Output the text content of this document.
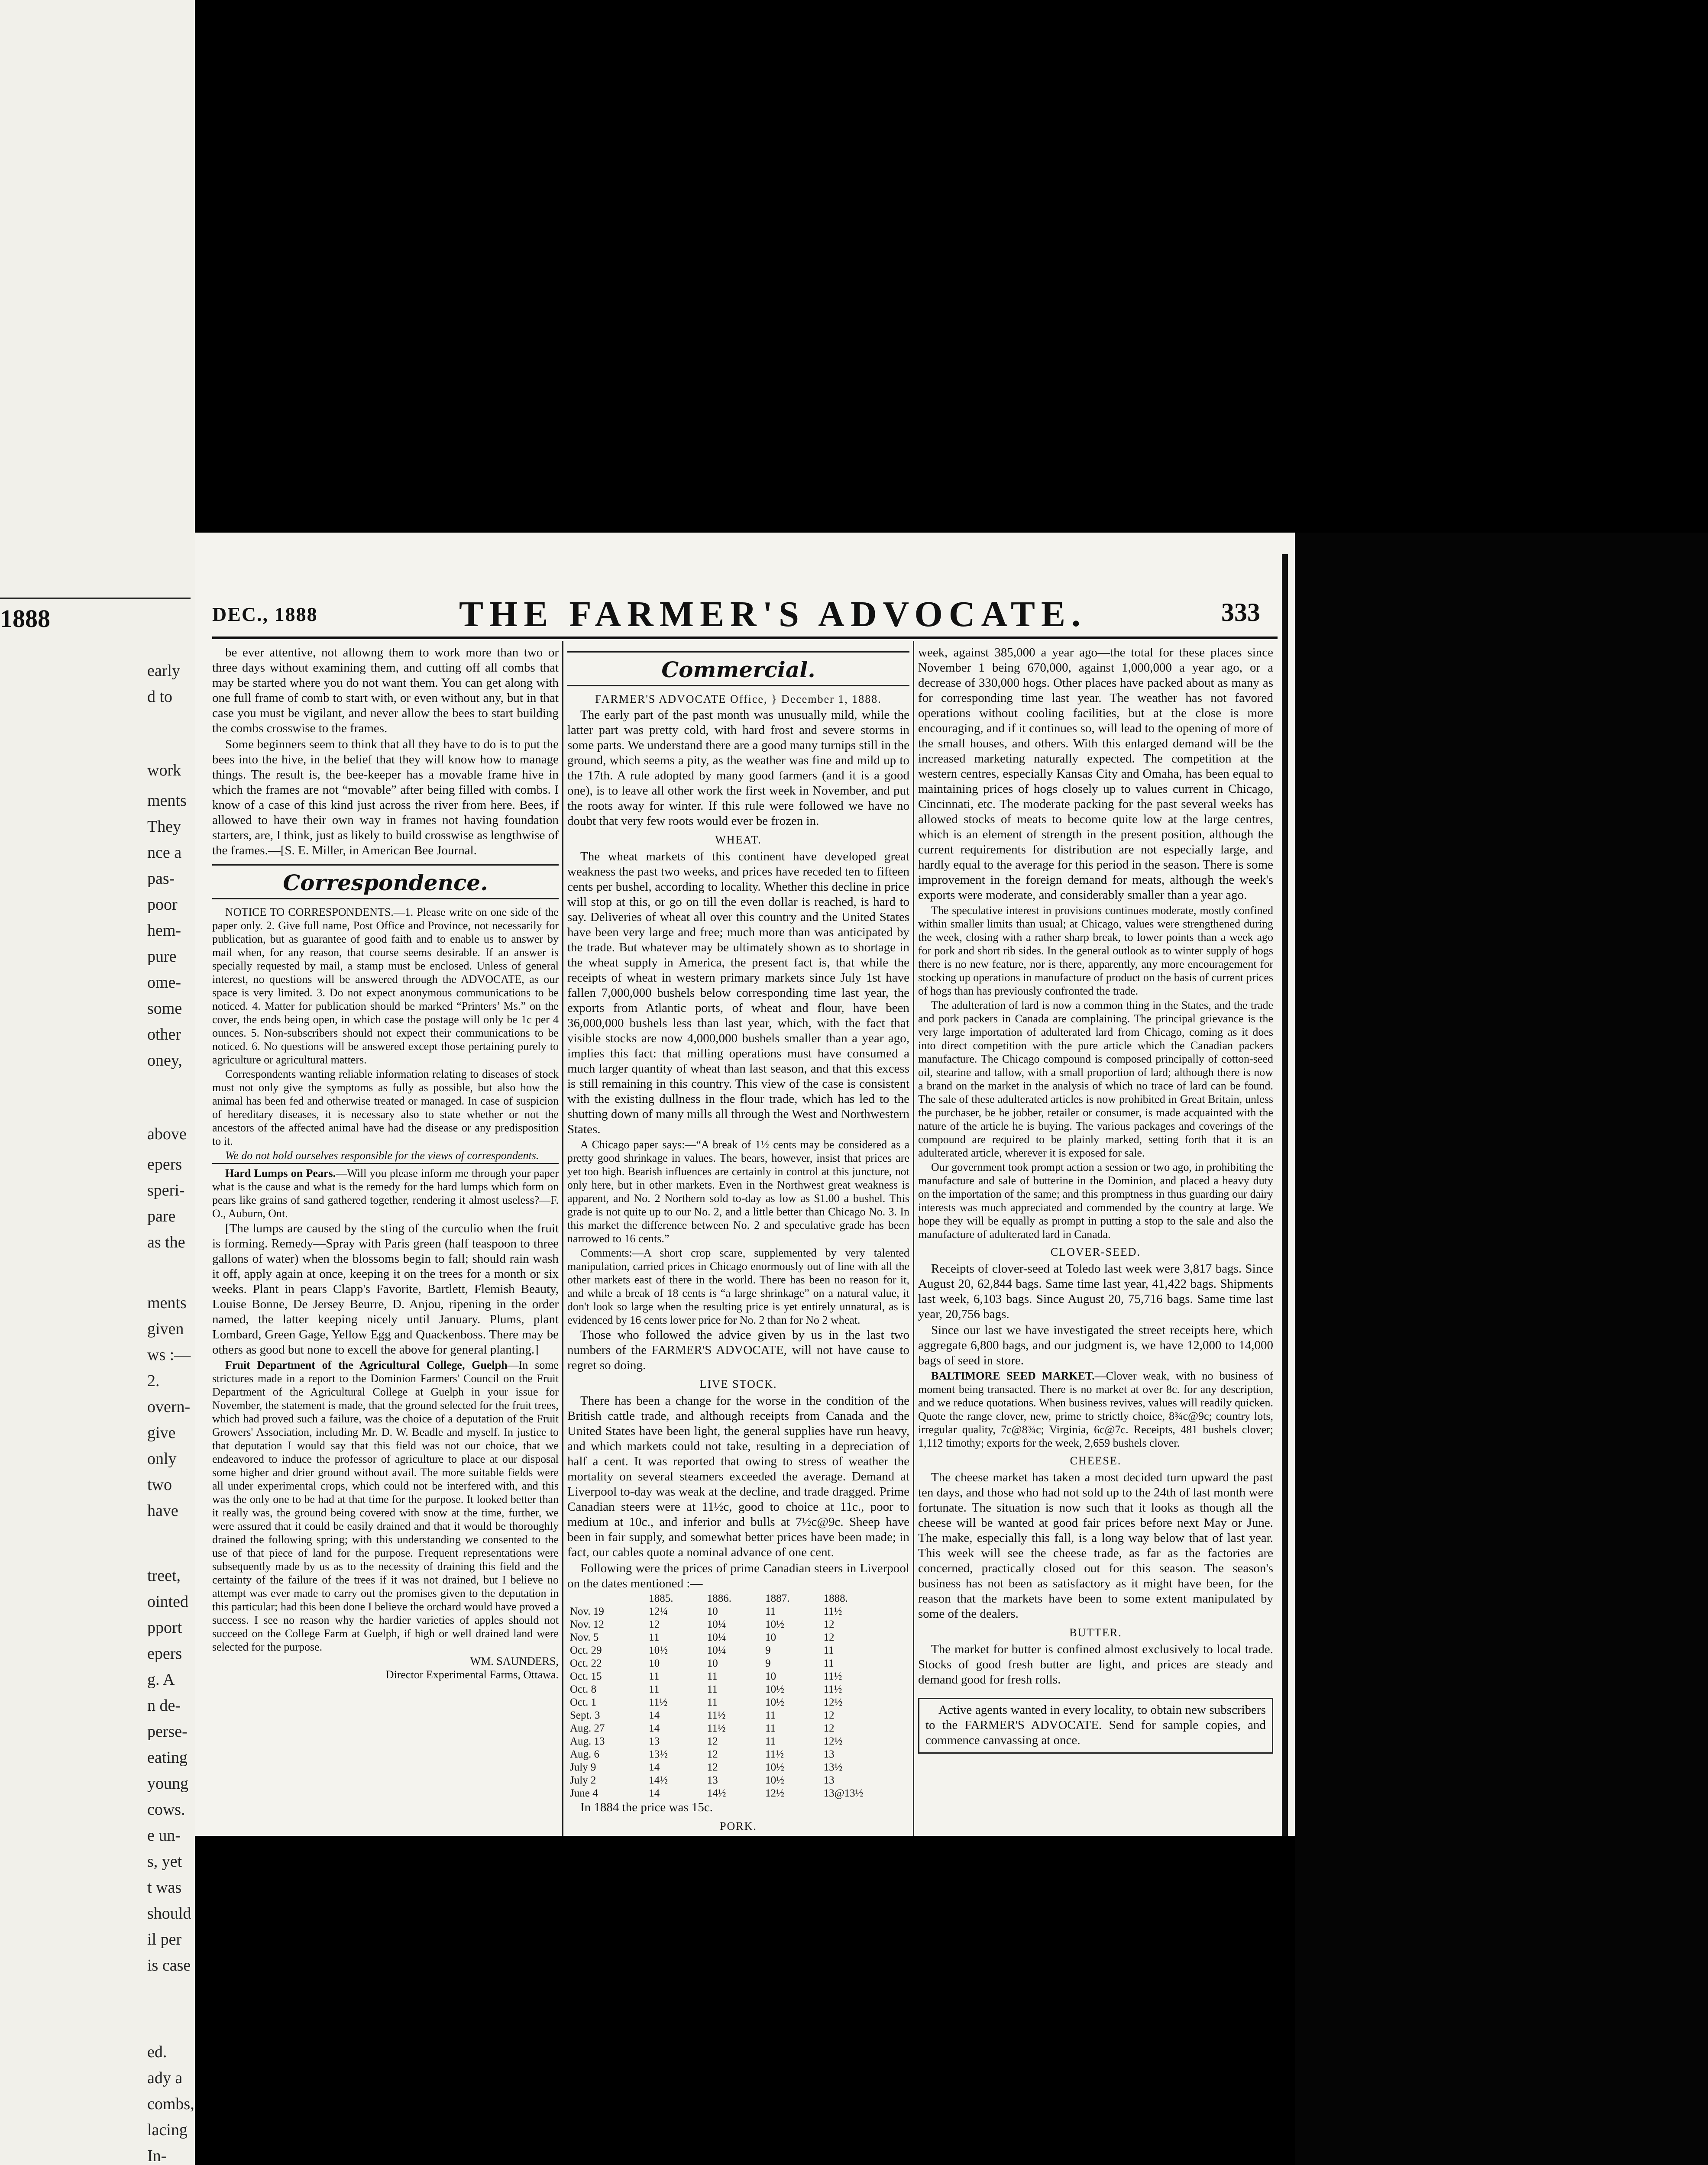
1888
early
d to
work
ments
They
nce a
pas-
poor
hem-
pure
ome-
some
other
oney,
above
epers
speri-
pare
as the
ments
given
ws :—
2.
overn-
give
only
two
have
treet,
ointed
pport
epers
g. A
n de-
perse-
eating
young
cows.
e un-
s, yet
t was
should
il per
is case
ed.
ady a
combs,
lacing
In-
DEC., 1888	THE FARMER'S ADVOCATE.	333

be ever attentive, not allowng them to work more than two or three days without examining them, and cutting off all combs that may be started where you do not want them. You can get along with one full frame of comb to start with, or even without any, but in that case you must be vigilant, and never allow the bees to start building the combs crosswise to the frames.

Some beginners seem to think that all they have to do is to put the bees into the hive, in the belief that they will know how to manage things. The result is, the bee-keeper has a movable frame hive in which the frames are not “movable” after being filled with combs. I know of a case of this kind just across the river from here. Bees, if allowed to have their own way in frames not having foundation starters, are, I think, just as likely to build crosswise as lengthwise of the frames.—[S. E. Miller, in American Bee Journal.

Correspondence.

NOTICE TO CORRESPONDENTS.—1. Please write on one side of the paper only. 2. Give full name, Post Office and Province, not necessarily for publication, but as guarantee of good faith and to enable us to answer by mail when, for any reason, that course seems desirable. If an answer is specially requested by mail, a stamp must be enclosed. Unless of general interest, no questions will be answered through the ADVOCATE, as our space is very limited. 3. Do not expect anonymous communications to be noticed. 4. Matter for publication should be marked “Printers’ Ms.” on the cover, the ends being open, in which case the postage will only be 1c per 4 ounces. 5. Non-subscribers should not expect their communications to be noticed. 6. No questions will be answered except those pertaining purely to agriculture or agricultural matters.

Correspondents wanting reliable information relating to diseases of stock must not only give the symptoms as fully as possible, but also how the animal has been fed and otherwise treated or managed. In case of suspicion of hereditary diseases, it is necessary also to state whether or not the ancestors of the affected animal have had the disease or any predisposition to it.

We do not hold ourselves responsible for the views of correspondents.

Hard Lumps on Pears.—Will you please inform me through your paper what is the cause and what is the remedy for the hard lumps which form on pears like grains of sand gathered together, rendering it almost useless?—F. O., Auburn, Ont.

[The lumps are caused by the sting of the curculio when the fruit is forming. Remedy—Spray with Paris green (half teaspoon to three gallons of water) when the blossoms begin to fall; should rain wash it off, apply again at once, keeping it on the trees for a month or six weeks. Plant in pears Clapp's Favorite, Bartlett, Flemish Beauty, Louise Bonne, De Jersey Beurre, D. Anjou, ripening in the order named, the latter keeping nicely until January. Plums, plant Lombard, Green Gage, Yellow Egg and Quackenboss. There may be others as good but none to excell the above for general planting.]

Fruit Department of the Agricultural College, Guelph—In some strictures made in a report to the Dominion Farmers' Council on the Fruit Department of the Agricultural College at Guelph in your issue for November, the statement is made, that the ground selected for the fruit trees, which had proved such a failure, was the choice of a deputation of the Fruit Growers' Association, including Mr. D. W. Beadle and myself. In justice to that deputation I would say that this field was not our choice, that we endeavored to induce the professor of agriculture to place at our disposal some higher and drier ground without avail. The more suitable fields were all under experimental crops, which could not be interfered with, and this was the only one to be had at that time for the purpose. It looked better than it really was, the ground being covered with snow at the time, further, we were assured that it could be easily drained and that it would be thoroughly drained the following spring; with this understanding we consented to the use of that piece of land for the purpose. Frequent representations were subsequently made by us as to the necessity of draining this field and the certainty of the failure of the trees if it was not drained, but I believe no attempt was ever made to carry out the promises given to the deputation in this particular; had this been done I believe the orchard would have proved a success. I see no reason why the hardier varieties of apples should not succeed on the College Farm at Guelph, if high or well drained land were selected for the purpose.

WM. SAUNDERS,
Director Experimental Farms, Ottawa.
Commercial.
FARMER'S ADVOCATE Office, } December 1, 1888.

The early part of the past month was unusually mild, while the latter part was pretty cold, with hard frost and severe storms in some parts. We understand there are a good many turnips still in the ground, which seems a pity, as the weather was fine and mild up to the 17th. A rule adopted by many good farmers (and it is a good one), is to leave all other work the first week in November, and put the roots away for winter. If this rule were followed we have no doubt that very few roots would ever be frozen in.

WHEAT.

The wheat markets of this continent have developed great weakness the past two weeks, and prices have receded ten to fifteen cents per bushel, according to locality. Whether this decline in price will stop at this, or go on till the even dollar is reached, is hard to say. Deliveries of wheat all over this country and the United States have been very large and free; much more than was anticipated by the trade. But whatever may be ultimately shown as to shortage in the wheat supply in America, the present fact is, that while the receipts of wheat in western primary markets since July 1st have fallen 7,000,000 bushels below corresponding time last year, the exports from Atlantic ports, of wheat and flour, have been 36,000,000 bushels less than last year, which, with the fact that visible stocks are now 4,000,000 bushels smaller than a year ago, implies this fact: that milling operations must have consumed a much larger quantity of wheat than last season, and that this excess is still remaining in this country. This view of the case is consistent with the existing dullness in the flour trade, which has led to the shutting down of many mills all through the West and Northwestern States.

A Chicago paper says:—“A break of 1½ cents may be considered as a pretty good shrinkage in values. The bears, however, insist that prices are yet too high. Bearish influences are certainly in control at this juncture, not only here, but in other markets. Even in the Northwest great weakness is apparent, and No. 2 Northern sold to-day as low as $1.00 a bushel. This grade is not quite up to our No. 2, and a little better than Chicago No. 3. In this market the difference between No. 2 and speculative grade has been narrowed to 16 cents.”

Comments:—A short crop scare, supplemented by very talented manipulation, carried prices in Chicago enormously out of line with all the other markets east of there in the world. There has been no reason for it, and while a break of 18 cents is “a large shrinkage” on a natural value, it don't look so large when the resulting price is yet entirely unnatural, as is evidenced by 16 cents lower price for No. 2 than for No 2 wheat.

Those who followed the advice given by us in the last two numbers of the FARMER'S ADVOCATE, will not have cause to regret so doing.

LIVE STOCK.

There has been a change for the worse in the condition of the British cattle trade, and although receipts from Canada and the United States have been light, the general supplies have run heavy, and which markets could not take, resulting in a depreciation of half a cent. It was reported that owing to stress of weather the mortality on several steamers exceeded the average. Demand at Liverpool to-day was weak at the decline, and trade dragged. Prime Canadian steers were at 11½c, good to choice at 11c., poor to medium at 10c., and inferior and bulls at 7½c@9c. Sheep have been in fair supply, and somewhat better prices have been made; in fact, our cables quote a nominal advance of one cent.

Following were the prices of prime Canadian steers in Liverpool on the dates mentioned :—

	1885.	1886.	1887.	1888.
Nov. 19	12¼	10	11	11½
Nov. 12	12	10¼	10½	12
Nov. 5	11	10¼	10	12
Oct. 29	10½	10¼	9	11
Oct. 22	10	10	9	11
Oct. 15	11	11	10	11½
Oct. 8	11	11	10½	11½
Oct. 1	11½	11	10½	12½
Sept. 3	14	11½	11	12
Aug. 27	14	11½	11	12
Aug. 13	13	12	11	12½
Aug. 6	13½	12	11½	13
July 9	14	12	10½	13½
July 2	14½	13	10½	13
June 4	14	14½	12½	13@13½

In 1884 the price was 15c.

PORK.

week, against 385,000 a year ago—the total for these places since November 1 being 670,000, against 1,000,000 a year ago, or a decrease of 330,000 hogs. Other places have packed about as many as for corresponding time last year. The weather has not favored operations without cooling facilities, but at the close is more encouraging, and if it continues so, will lead to the opening of more of the small houses, and others. With this enlarged demand will be the increased marketing naturally expected. The competition at the western centres, especially Kansas City and Omaha, has been equal to maintaining prices of hogs closely up to values current in Chicago, Cincinnati, etc. The moderate packing for the past several weeks has allowed stocks of meats to become quite low at the large centres, which is an element of strength in the present position, although the current requirements for distribution are not especially large, and hardly equal to the average for this period in the season. There is some improvement in the foreign demand for meats, although the week's exports were moderate, and considerably smaller than a year ago.

The speculative interest in provisions continues moderate, mostly confined within smaller limits than usual; at Chicago, values were strengthened during the week, closing with a rather sharp break, to lower points than a week ago for pork and short rib sides. In the general outlook as to winter supply of hogs there is no new feature, nor is there, apparently, any more encouragement for stocking up operations in manufacture of product on the basis of current prices of hogs than has previously confronted the trade.

The adulteration of lard is now a common thing in the States, and the trade and pork packers in Canada are complaining. The principal grievance is the very large importation of adulterated lard from Chicago, coming as it does into direct competition with the pure article which the Canadian packers manufacture. The Chicago compound is composed principally of cotton-seed oil, stearine and tallow, with a small proportion of lard; although there is now a brand on the market in the analysis of which no trace of lard can be found. The sale of these adulterated articles is now prohibited in Great Britain, unless the purchaser, be he jobber, retailer or consumer, is made acquainted with the nature of the article he is buying. The various packages and coverings of the compound are required to be plainly marked, setting forth that it is an adulterated article, wherever it is exposed for sale.

Our government took prompt action a session or two ago, in prohibiting the manufacture and sale of butterine in the Dominion, and placed a heavy duty on the importation of the same; and this promptness in thus guarding our dairy interests was much appreciated and commended by the country at large. We hope they will be equally as prompt in putting a stop to the sale and also the manufacture of adulterated lard in Canada.

CLOVER-SEED.

Receipts of clover-seed at Toledo last week were 3,817 bags. Since August 20, 62,844 bags. Same time last year, 41,422 bags. Shipments last week, 6,103 bags. Since August 20, 75,716 bags. Same time last year, 20,756 bags.

Since our last we have investigated the street receipts here, which aggregate 6,800 bags, and our judgment is, we have 12,000 to 14,000 bags of seed in store.

BALTIMORE SEED MARKET.—Clover weak, with no business of moment being transacted. There is no market at over 8c. for any description, and we reduce quotations. When business revives, values will readily quicken. Quote the range clover, new, prime to strictly choice, 8¾c@9c; country lots, irregular quality, 7c@8¾c; Virginia, 6c@7c. Receipts, 481 bushels clover; 1,112 timothy; exports for the week, 2,659 bushels clover.

CHEESE.

The cheese market has taken a most decided turn upward the past ten days, and those who had not sold up to the 24th of last month were fortunate. The situation is now such that it looks as though all the cheese will be wanted at good fair prices before next May or June. The make, especially this fall, is a long way below that of last year. This week will see the cheese trade, as far as the factories are concerned, practically closed out for this season. The season's business has not been as satisfactory as it might have been, for the reason that the markets have been to some extent manipulated by some of the dealers.

BUTTER.

The market for butter is confined almost exclusively to local trade. Stocks of good fresh butter are light, and prices are steady and demand good for fresh rolls.

Active agents wanted in every locality, to obtain new subscribers to the FARMER'S ADVOCATE. Send for sample copies, and commence canvassing at once.
